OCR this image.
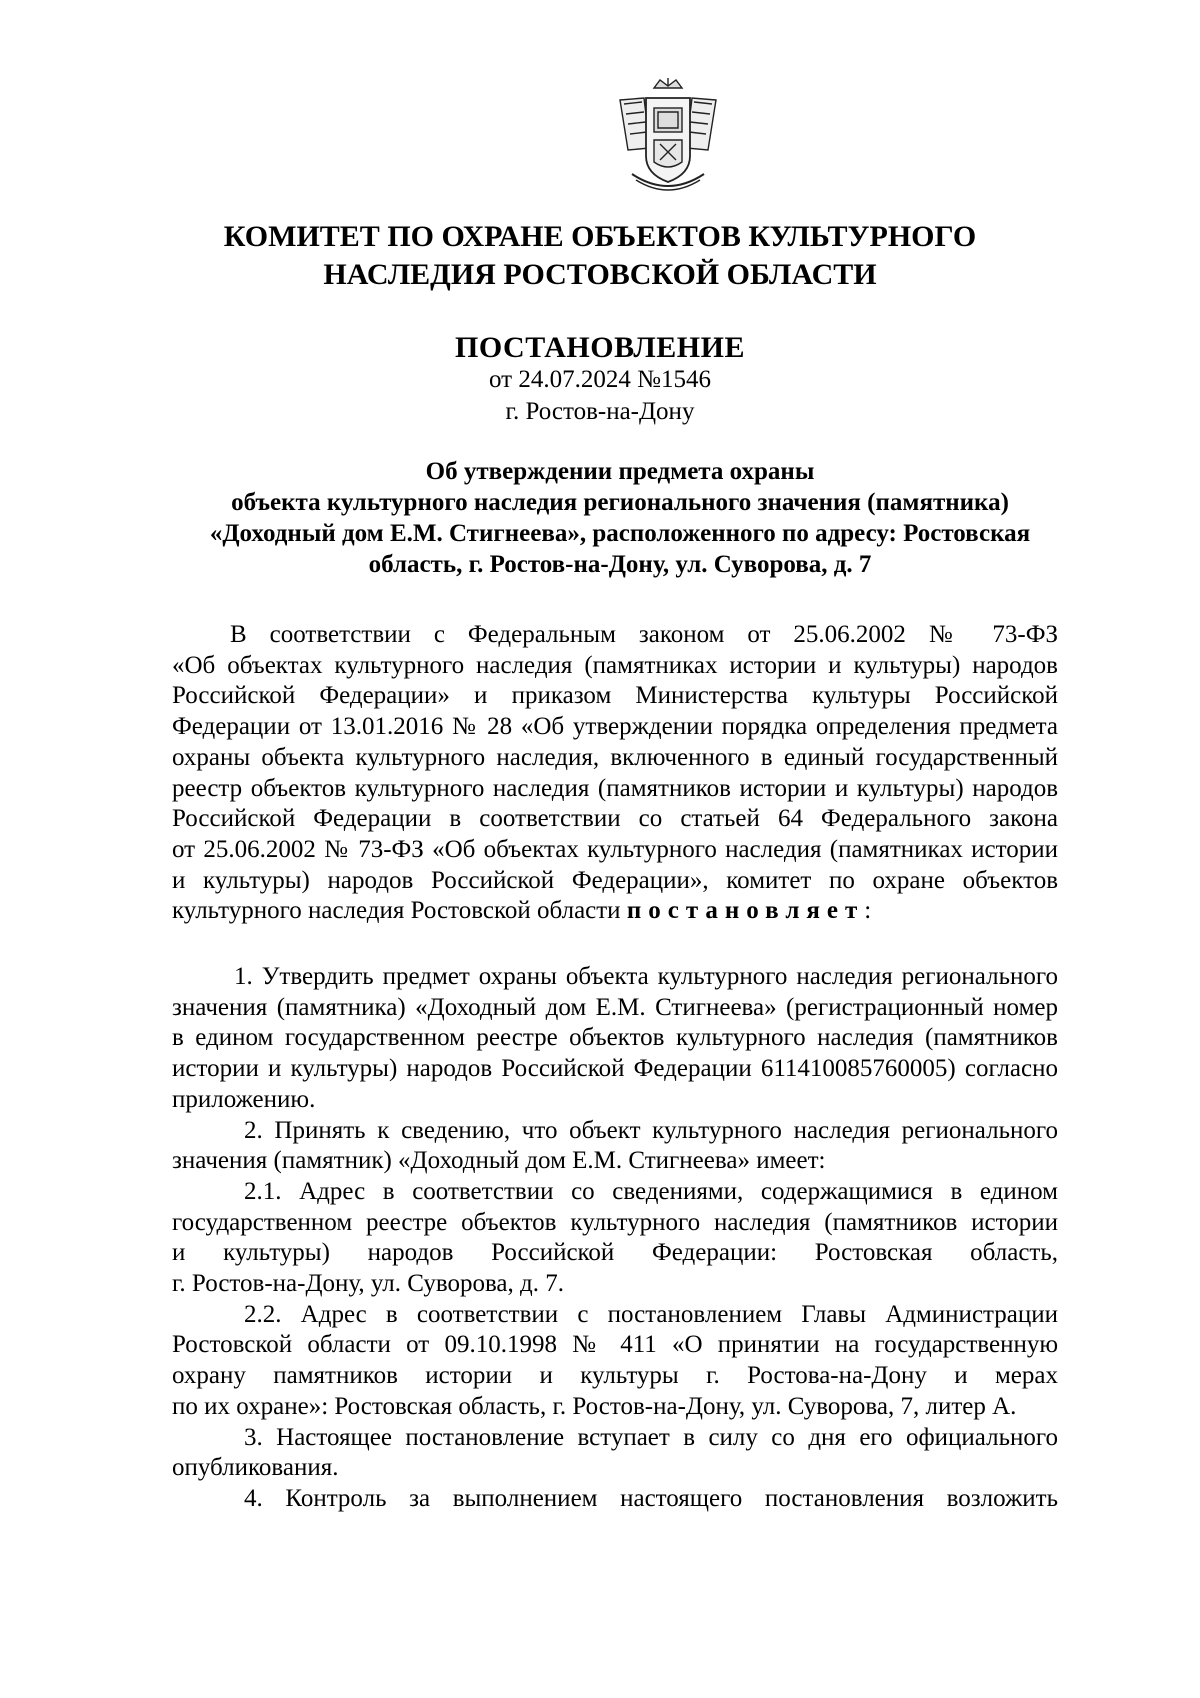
КОМИТЕТ ПО ОХРАНЕ ОБЪЕКТОВ КУЛЬТУРНОГО
НАСЛЕДИЯ РОСТОВСКОЙ ОБЛАСТИ
ПОСТАНОВЛЕНИЕ
от 24.07.2024 №1546
г. Ростов-на-Дону
Об утверждении предмета охраны
объекта культурного наследия регионального значения (памятника)
«Доходный дом Е.М. Стигнеева», расположенного по адресу: Ростовская
область, г. Ростов-на-Дону, ул. Суворова, д. 7
В соответствии с Федеральным законом от 25.06.2002 № 73-ФЗ
«Об объектах культурного наследия (памятниках истории и культуры) народов
Российской Федерации» и приказом Министерства культуры Российской
Федерации от 13.01.2016 № 28 «Об утверждении порядка определения предмета
охраны объекта культурного наследия, включенного в единый государственный
реестр объектов культурного наследия (памятников истории и культуры) народов
Российской Федерации в соответствии со статьей 64 Федерального закона
от 25.06.2002 № 73-ФЗ «Об объектах культурного наследия (памятниках истории
и культуры) народов Российской Федерации», комитет по охране объектов
культурного наследия Ростовской области постановляет:
1. Утвердить предмет охраны объекта культурного наследия регионального
значения (памятника) «Доходный дом Е.М. Стигнеева» (регистрационный номер
в едином государственном реестре объектов культурного наследия (памятников
истории и культуры) народов Российской Федерации 611410085760005) согласно
приложению.
2. Принять к сведению, что объект культурного наследия регионального
значения (памятник) «Доходный дом Е.М. Стигнеева» имеет:
2.1. Адрес в соответствии со сведениями, содержащимися в едином
государственном реестре объектов культурного наследия (памятников истории
и культуры) народов Российской Федерации: Ростовская область,
г. Ростов-на-Дону, ул. Суворова, д. 7.
2.2. Адрес в соответствии с постановлением Главы Администрации
Ростовской области от 09.10.1998 № 411 «О принятии на государственную
охрану памятников истории и культуры г. Ростова-на-Дону и мерах
по их охране»: Ростовская область, г. Ростов-на-Дону, ул. Суворова, 7, литер А.
3. Настоящее постановление вступает в силу со дня его официального
опубликования.
4. Контроль за выполнением настоящего постановления возложить
